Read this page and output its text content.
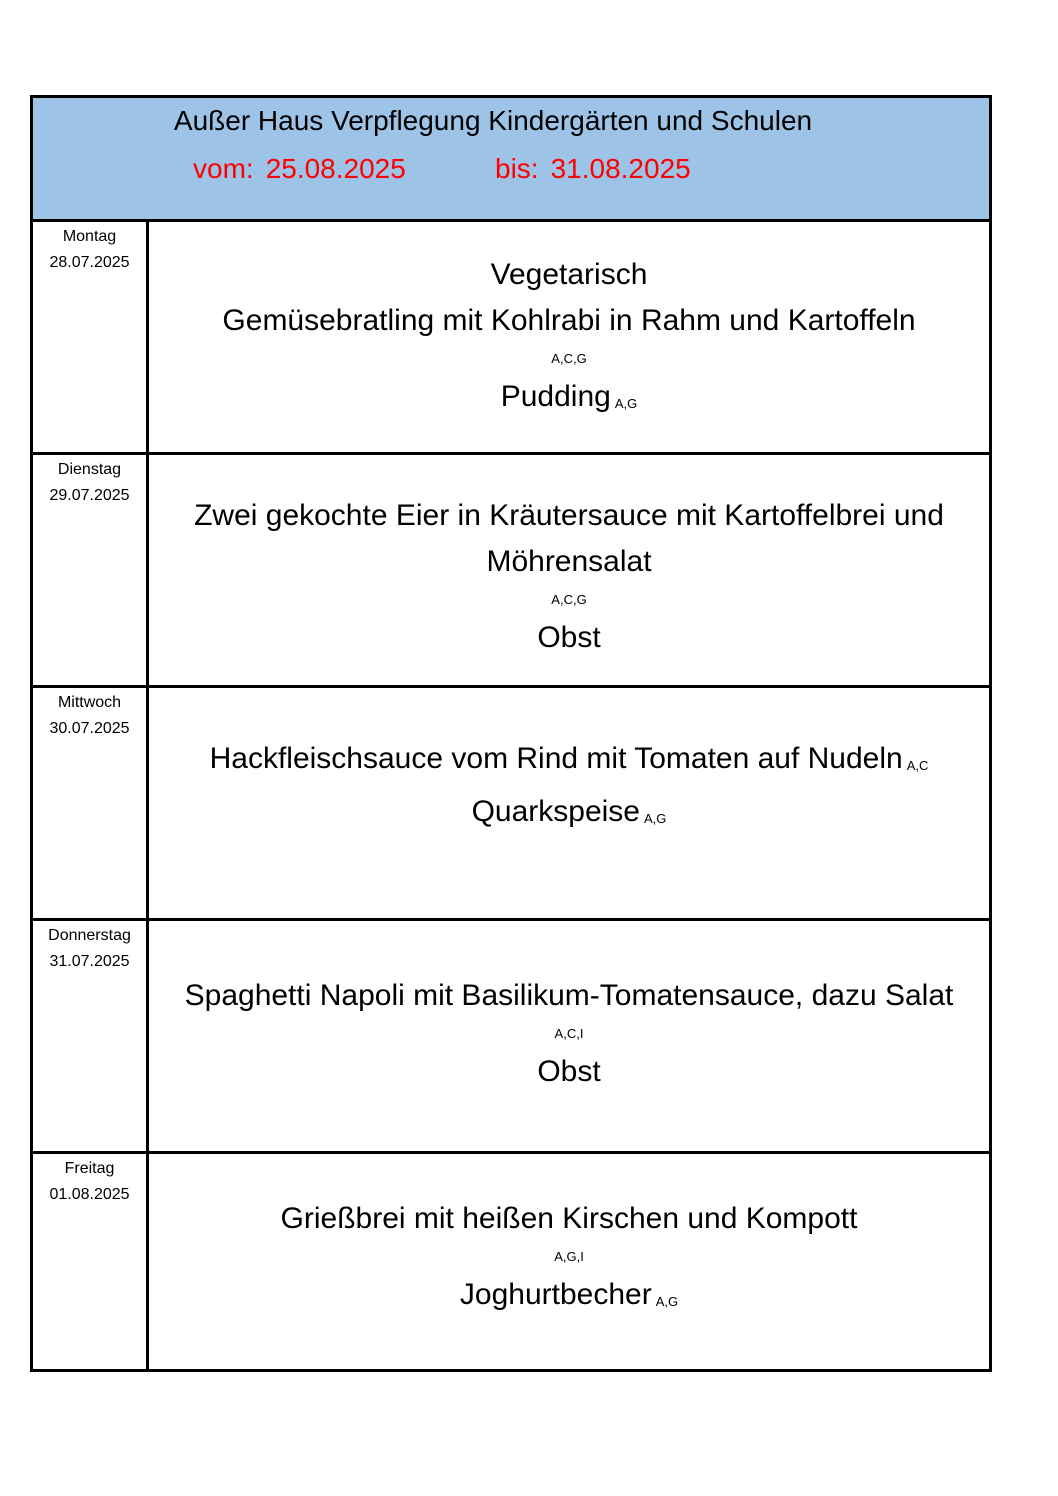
Außer Haus Verpflegung Kindergärten und Schulen
vom: 25.08.2025	bis: 31.08.2025
Montag
28.07.2025	Vegetarisch
Gemüsebratling mit Kohlrabi in Rahm und Kartoffeln
A,C,G
Pudding A,G
Dienstag
29.07.2025
Zwei gekochte Eier in Kräutersauce mit Kartoffelbrei und
Möhrensalat
A,C,G
Obst
Mittwoch
30.07.2025
Hackfleischsauce vom Rind mit Tomaten auf Nudeln A,C
Quarkspeise A,G
Donnerstag
31.07.2025
Spaghetti Napoli mit Basilikum-Tomatensauce, dazu Salat
A,C,I
Obst
Freitag
01.08.2025
Grießbrei mit heißen Kirschen und Kompott
A,G,I
Joghurtbecher A,G
